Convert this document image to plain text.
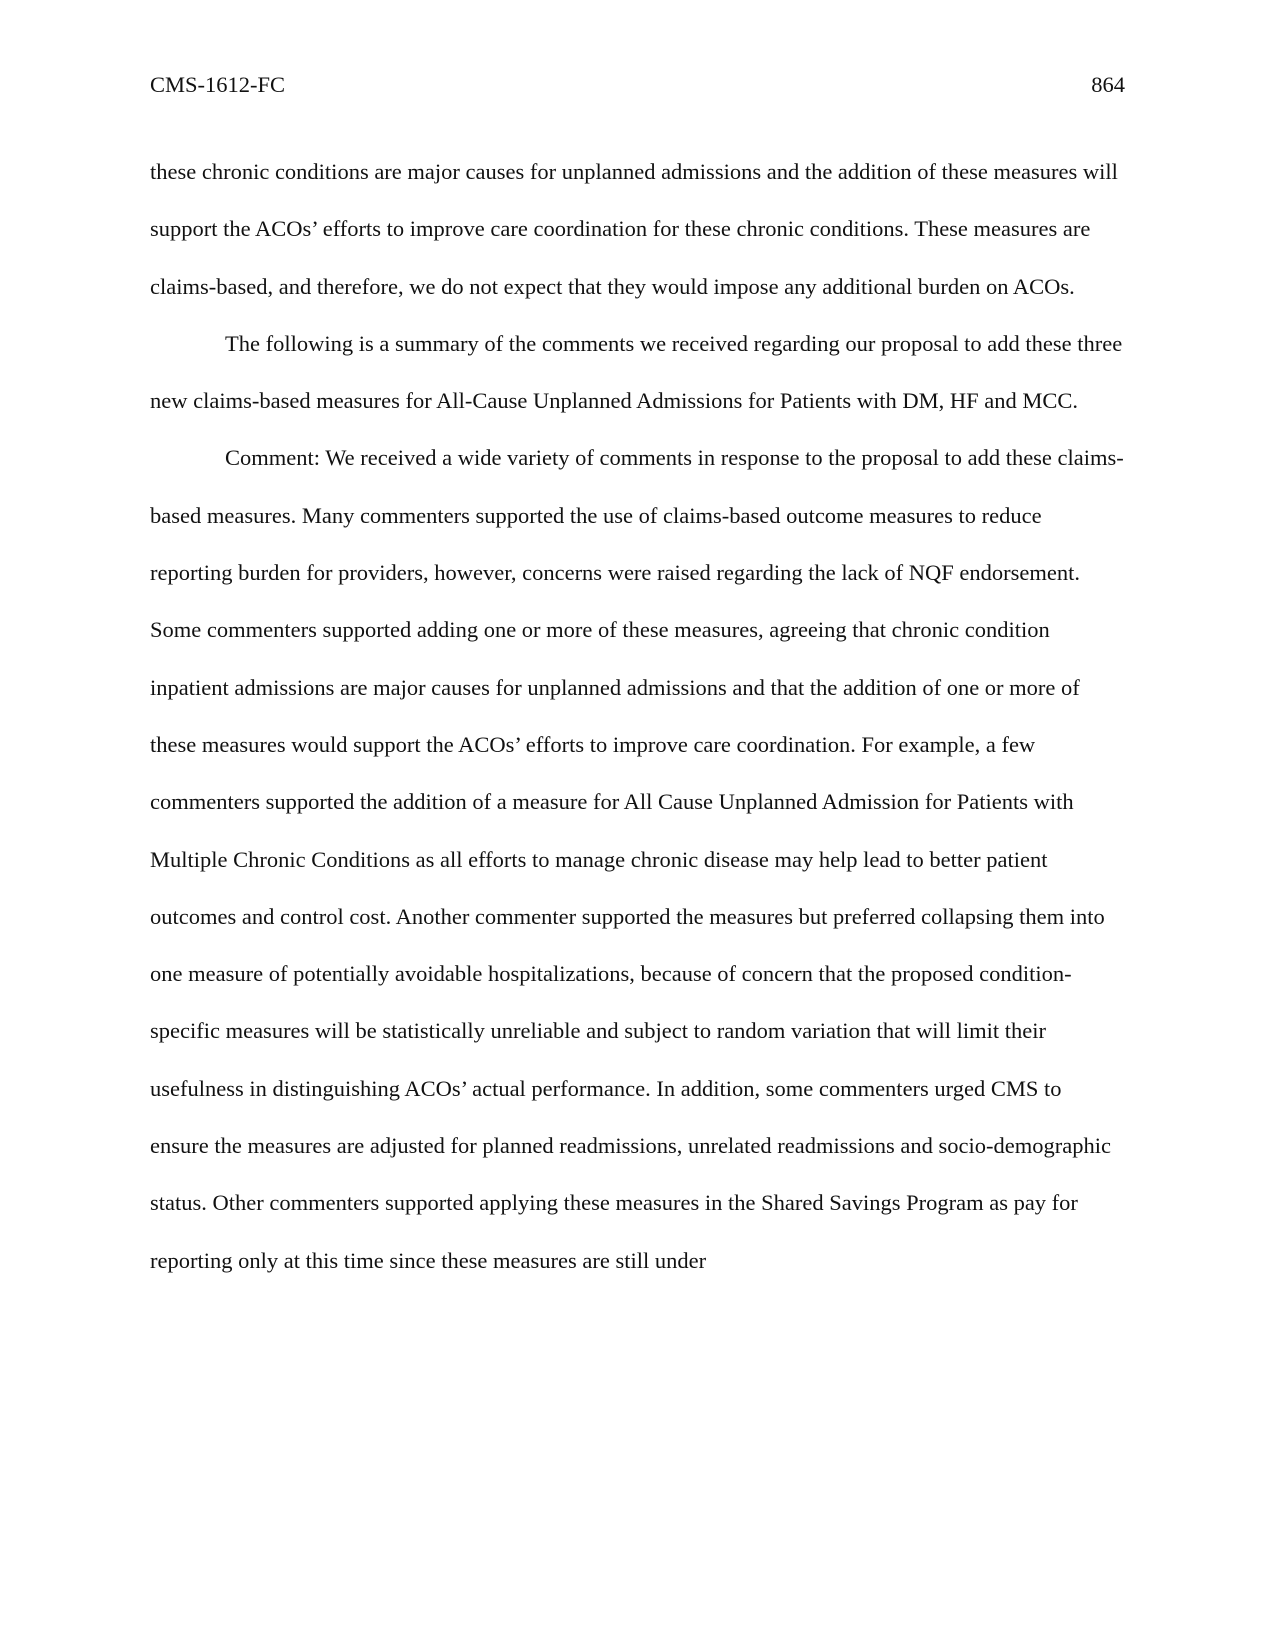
CMS-1612-FC	864

these chronic conditions are major causes for unplanned admissions and the addition of these measures will support the ACOs’ efforts to improve care coordination for these chronic conditions. These measures are claims-based, and therefore, we do not expect that they would impose any additional burden on ACOs.

The following is a summary of the comments we received regarding our proposal to add these three new claims-based measures for All-Cause Unplanned Admissions for Patients with DM, HF and MCC.

Comment: We received a wide variety of comments in response to the proposal to add these claims-based measures. Many commenters supported the use of claims-based outcome measures to reduce reporting burden for providers, however, concerns were raised regarding the lack of NQF endorsement. Some commenters supported adding one or more of these measures, agreeing that chronic condition inpatient admissions are major causes for unplanned admissions and that the addition of one or more of these measures would support the ACOs’ efforts to improve care coordination. For example, a few commenters supported the addition of a measure for All Cause Unplanned Admission for Patients with Multiple Chronic Conditions as all efforts to manage chronic disease may help lead to better patient outcomes and control cost. Another commenter supported the measures but preferred collapsing them into one measure of potentially avoidable hospitalizations, because of concern that the proposed condition-specific measures will be statistically unreliable and subject to random variation that will limit their usefulness in distinguishing ACOs’ actual performance. In addition, some commenters urged CMS to ensure the measures are adjusted for planned readmissions, unrelated readmissions and socio-demographic status. Other commenters supported applying these measures in the Shared Savings Program as pay for reporting only at this time since these measures are still under
